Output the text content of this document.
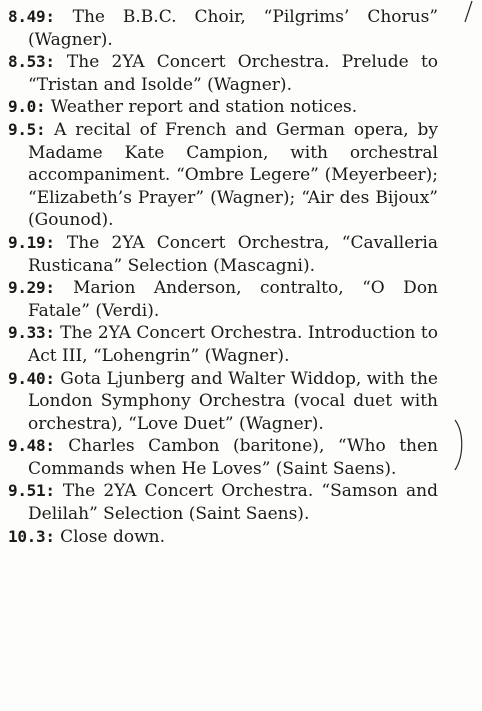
8.49: The B.B.C. Choir, “Pilgrims’ Chorus” (Wagner).

8.53: The 2YA Concert Orchestra. Prelude to “Tristan and Isolde” (Wagner).

9.0: Weather report and station notices.

9.5: A recital of French and German opera, by Madame Kate Campion, with orchestral accompaniment. “Ombre Legere” (Meyerbeer); “Elizabeth’s Prayer” (Wagner); “Air des Bijoux” (Gounod).

9.19: The 2YA Concert Orchestra, “Cavalleria Rusticana” Selection (Mascagni).

9.29: Marion Anderson, contralto, “O Don Fatale” (Verdi).

9.33: The 2YA Concert Orchestra. Introduction to Act III, “Lohengrin” (Wagner).

9.40: Gota Ljunberg and Walter Widdop, with the London Symphony Orchestra (vocal duet with orchestra), “Love Duet” (Wagner).

9.48: Charles Cambon (baritone), “Who then Commands when He Loves” (Saint Saens).

9.51: The 2YA Concert Orchestra. “Samson and Delilah” Selection (Saint Saens).

10.3: Close down.
